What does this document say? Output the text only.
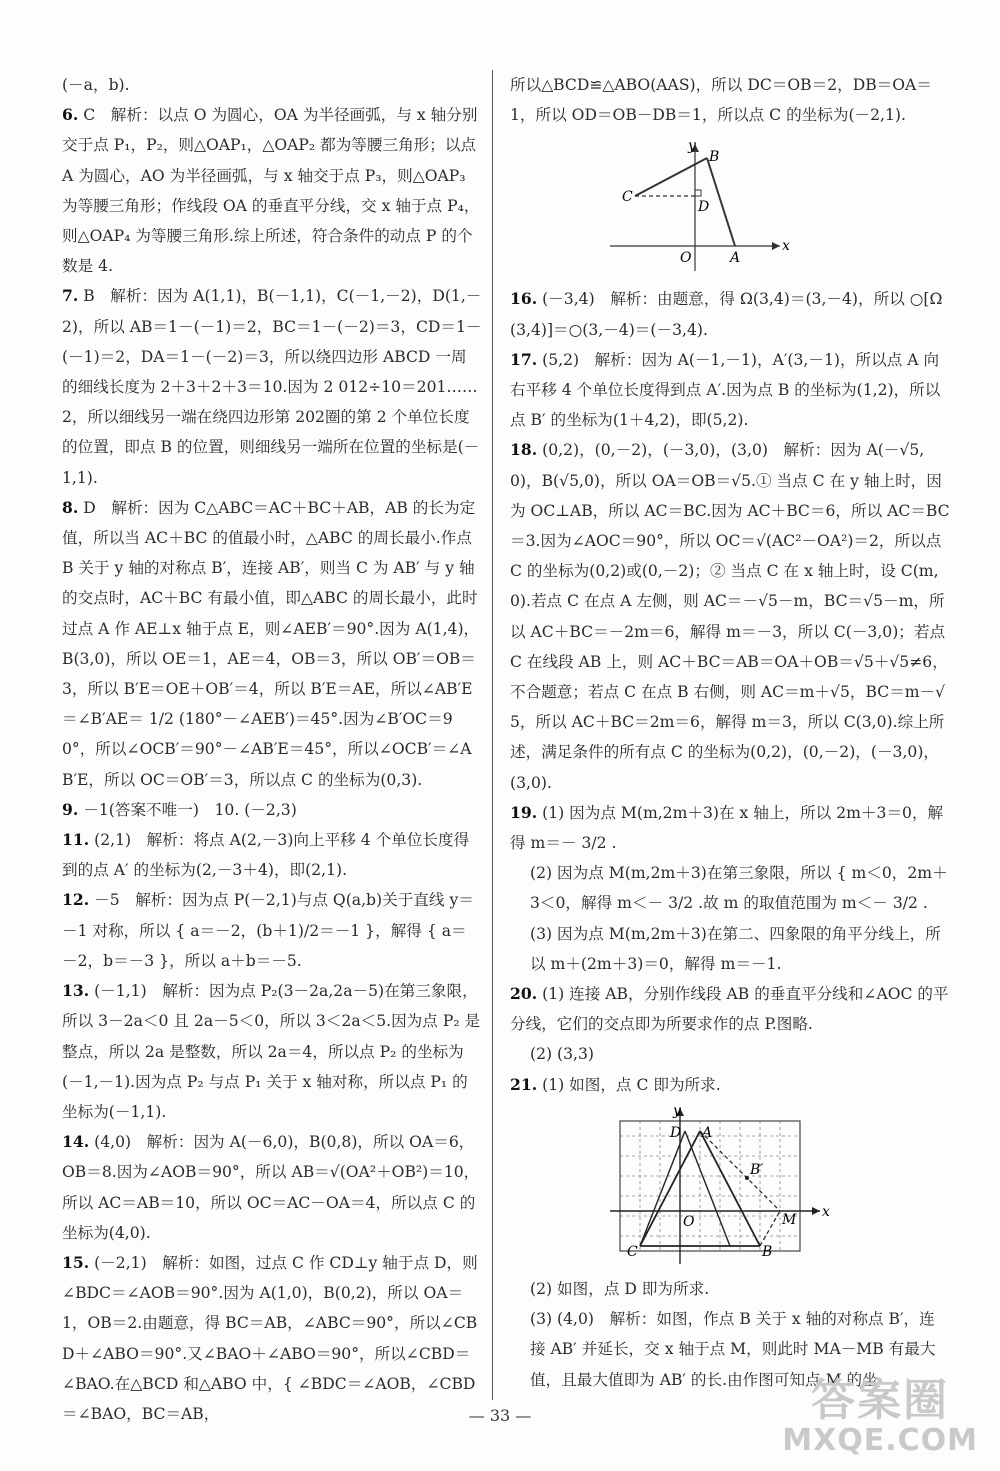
(－a，b).

6. C　解析：以点 O 为圆心，OA 为半径画弧，与 x 轴分别交于点 P₁，P₂，则△OAP₁，△OAP₂ 都为等腰三角形；以点 A 为圆心，AO 为半径画弧，与 x 轴交于点 P₃，则△OAP₃ 为等腰三角形；作线段 OA 的垂直平分线，交 x 轴于点 P₄，则△OAP₄ 为等腰三角形.综上所述，符合条件的动点 P 的个数是 4.

7. B　解析：因为 A(1,1)，B(－1,1)，C(－1,－2)，D(1,－2)，所以 AB＝1－(－1)＝2，BC＝1－(－2)＝3，CD＝1－(－1)＝2，DA＝1－(－2)＝3，所以绕四边形 ABCD 一周的细线长度为 2＋3＋2＋3＝10.因为 2 012÷10＝201……2，所以细线另一端在绕四边形第 202圈的第 2 个单位长度的位置，即点 B 的位置，则细线另一端所在位置的坐标是(－1,1).

8. D　解析：因为 C△ABC＝AC＋BC＋AB，AB 的长为定值，所以当 AC＋BC 的值最小时，△ABC 的周长最小.作点 B 关于 y 轴的对称点 B′，连接 AB′，则当 C 为 AB′ 与 y 轴的交点时，AC＋BC 有最小值，即△ABC 的周长最小，此时过点 A 作 AE⊥x 轴于点 E，则∠AEB′＝90°.因为 A(1,4)，B(3,0)，所以 OE＝1，AE＝4，OB＝3，所以 OB′＝OB＝3，所以 B′E＝OE＋OB′＝4，所以 B′E＝AE，所以∠AB′E＝∠B′AE＝ 1/2 (180°－∠AEB′)＝45°.因为∠B′OC＝90°，所以∠OCB′＝90°－∠AB′E＝45°，所以∠OCB′＝∠AB′E，所以 OC＝OB′＝3，所以点 C 的坐标为(0,3).

9. －1(答案不唯一)　10. (－2,3)

11. (2,1)　解析：将点 A(2,－3)向上平移 4 个单位长度得到的点 A′ 的坐标为(2,－3＋4)，即(2,1).

12. －5　解析：因为点 P(－2,1)与点 Q(a,b)关于直线 y＝－1 对称，所以 { a＝－2，(b＋1)/2＝－1 }，解得 { a＝－2，b＝－3 }，所以 a＋b＝－5.

13. (－1,1)　解析：因为点 P₂(3－2a,2a－5)在第三象限，所以 3－2a＜0 且 2a－5＜0，所以 3＜2a＜5.因为点 P₂ 是整点，所以 2a 是整数，所以 2a＝4，所以点 P₂ 的坐标为(－1,－1).因为点 P₂ 与点 P₁ 关于 x 轴对称，所以点 P₁ 的坐标为(－1,1).

14. (4,0)　解析：因为 A(－6,0)，B(0,8)，所以 OA＝6，OB＝8.因为∠AOB＝90°，所以 AB＝√(OA²＋OB²)＝10，所以 AC＝AB＝10，所以 OC＝AC－OA＝4，所以点 C 的坐标为(4,0).

15. (－2,1)　解析：如图，过点 C 作 CD⊥y 轴于点 D，则∠BDC＝∠AOB＝90°.因为 A(1,0)，B(0,2)，所以 OA＝1，OB＝2.由题意，得 BC＝AB，∠ABC＝90°，所以∠CBD＋∠ABO＝90°.又∠BAO＋∠ABO＝90°，所以∠CBD＝∠BAO.在△BCD 和△ABO 中，{ ∠BDC＝∠AOB，∠CBD＝∠BAO，BC＝AB，

所以△BCD≌△ABO(AAS)，所以 DC＝OB＝2，DB＝OA＝1，所以 OD＝OB－DB＝1，所以点 C 的坐标为(－2,1).

y
B
C
D
O	A
x

16. (－3,4)　解析：由题意，得 Ω(3,4)＝(3,－4)，所以 ○[Ω(3,4)]＝○(3,－4)＝(－3,4).

17. (5,2)　解析：因为 A(－1,－1)，A′(3,－1)，所以点 A 向右平移 4 个单位长度得到点 A′.因为点 B 的坐标为(1,2)，所以点 B′ 的坐标为(1＋4,2)，即(5,2).

18. (0,2)，(0,－2)，(－3,0)，(3,0)　解析：因为 A(－√5,0)，B(√5,0)，所以 OA＝OB＝√5.① 当点 C 在 y 轴上时，因为 OC⊥AB，所以 AC＝BC.因为 AC＋BC＝6，所以 AC＝BC＝3.因为∠AOC＝90°，所以 OC＝√(AC²－OA²)＝2，所以点 C 的坐标为(0,2)或(0,－2)；② 当点 C 在 x 轴上时，设 C(m,0).若点 C 在点 A 左侧，则 AC＝－√5－m，BC＝√5－m，所以 AC＋BC＝－2m＝6，解得 m＝－3，所以 C(－3,0)；若点 C 在线段 AB 上，则 AC＋BC＝AB＝OA＋OB＝√5＋√5≠6，不合题意；若点 C 在点 B 右侧，则 AC＝m＋√5，BC＝m－√5，所以 AC＋BC＝2m＝6，解得 m＝3，所以 C(3,0).综上所述，满足条件的所有点 C 的坐标为(0,2)，(0,－2)，(－3,0)，(3,0).

19. (1) 因为点 M(m,2m＋3)在 x 轴上，所以 2m＋3＝0，解得 m＝－ 3/2 .

(2) 因为点 M(m,2m＋3)在第三象限，所以 { m＜0，2m＋3＜0，解得 m＜－ 3/2 .故 m 的取值范围为 m＜－ 3/2 .

(3) 因为点 M(m,2m＋3)在第二、四象限的角平分线上，所以 m＋(2m＋3)＝0，解得 m＝－1.

20. (1) 连接 AB，分别作线段 AB 的垂直平分线和∠AOC 的平分线，它们的交点即为所要求作的点 P.图略.

(2) (3,3)

21. (1) 如图，点 C 即为所求.

y
D A
B′
O	M
C	B
x

(2) 如图，点 D 即为所求.

(3) (4,0)　解析：如图，作点 B 关于 x 轴的对称点 B′，连接 AB′ 并延长，交 x 轴于点 M，则此时 MA－MB 有最大值，且最大值即为 AB′ 的长.由作图可知点 M 的坐

— 33 —	答案圈
MXQE.COM
